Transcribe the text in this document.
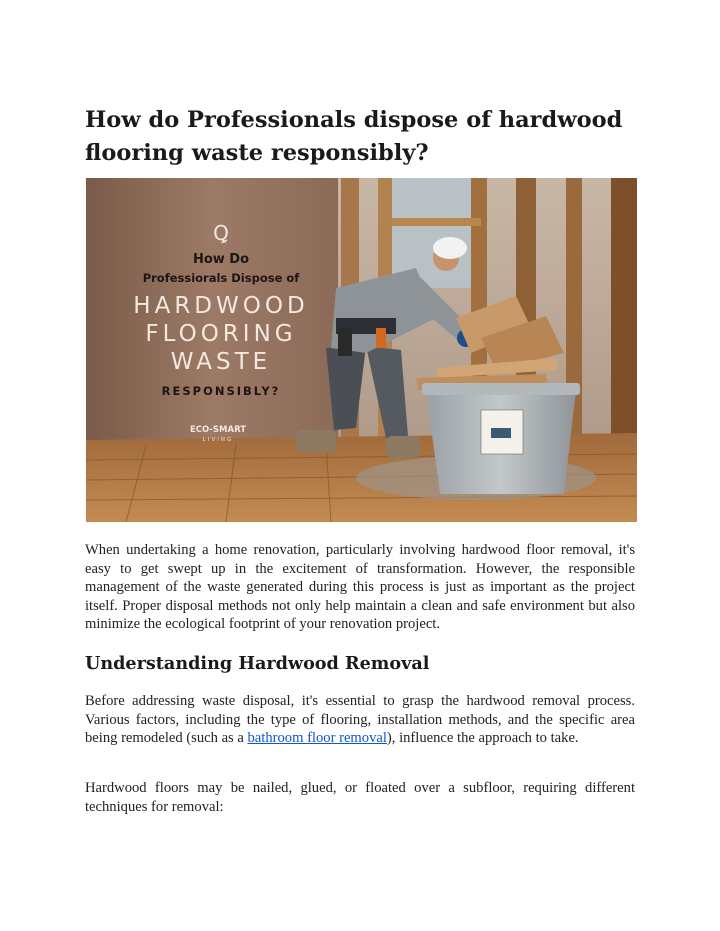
How do Professionals dispose of hardwood flooring waste responsibly?
Ꝗ
How Do
Professiorals Dispose of
HARDWOOD
FLOORING
WASTE
RESPONSIBLY?
ECO-SMART
LIVING

When undertaking a home renovation, particularly involving hardwood floor removal, it's easy to get swept up in the excitement of transformation. However, the responsible management of the waste generated during this process is just as important as the project itself. Proper disposal methods not only help maintain a clean and safe environment but also minimize the ecological footprint of your renovation project.

Understanding Hardwood Removal

Before addressing waste disposal, it's essential to grasp the hardwood removal process. Various factors, including the type of flooring, installation methods, and the specific area being remodeled (such as a bathroom floor removal), influence the approach to take.

Hardwood floors may be nailed, glued, or floated over a subfloor, requiring different techniques for removal:
